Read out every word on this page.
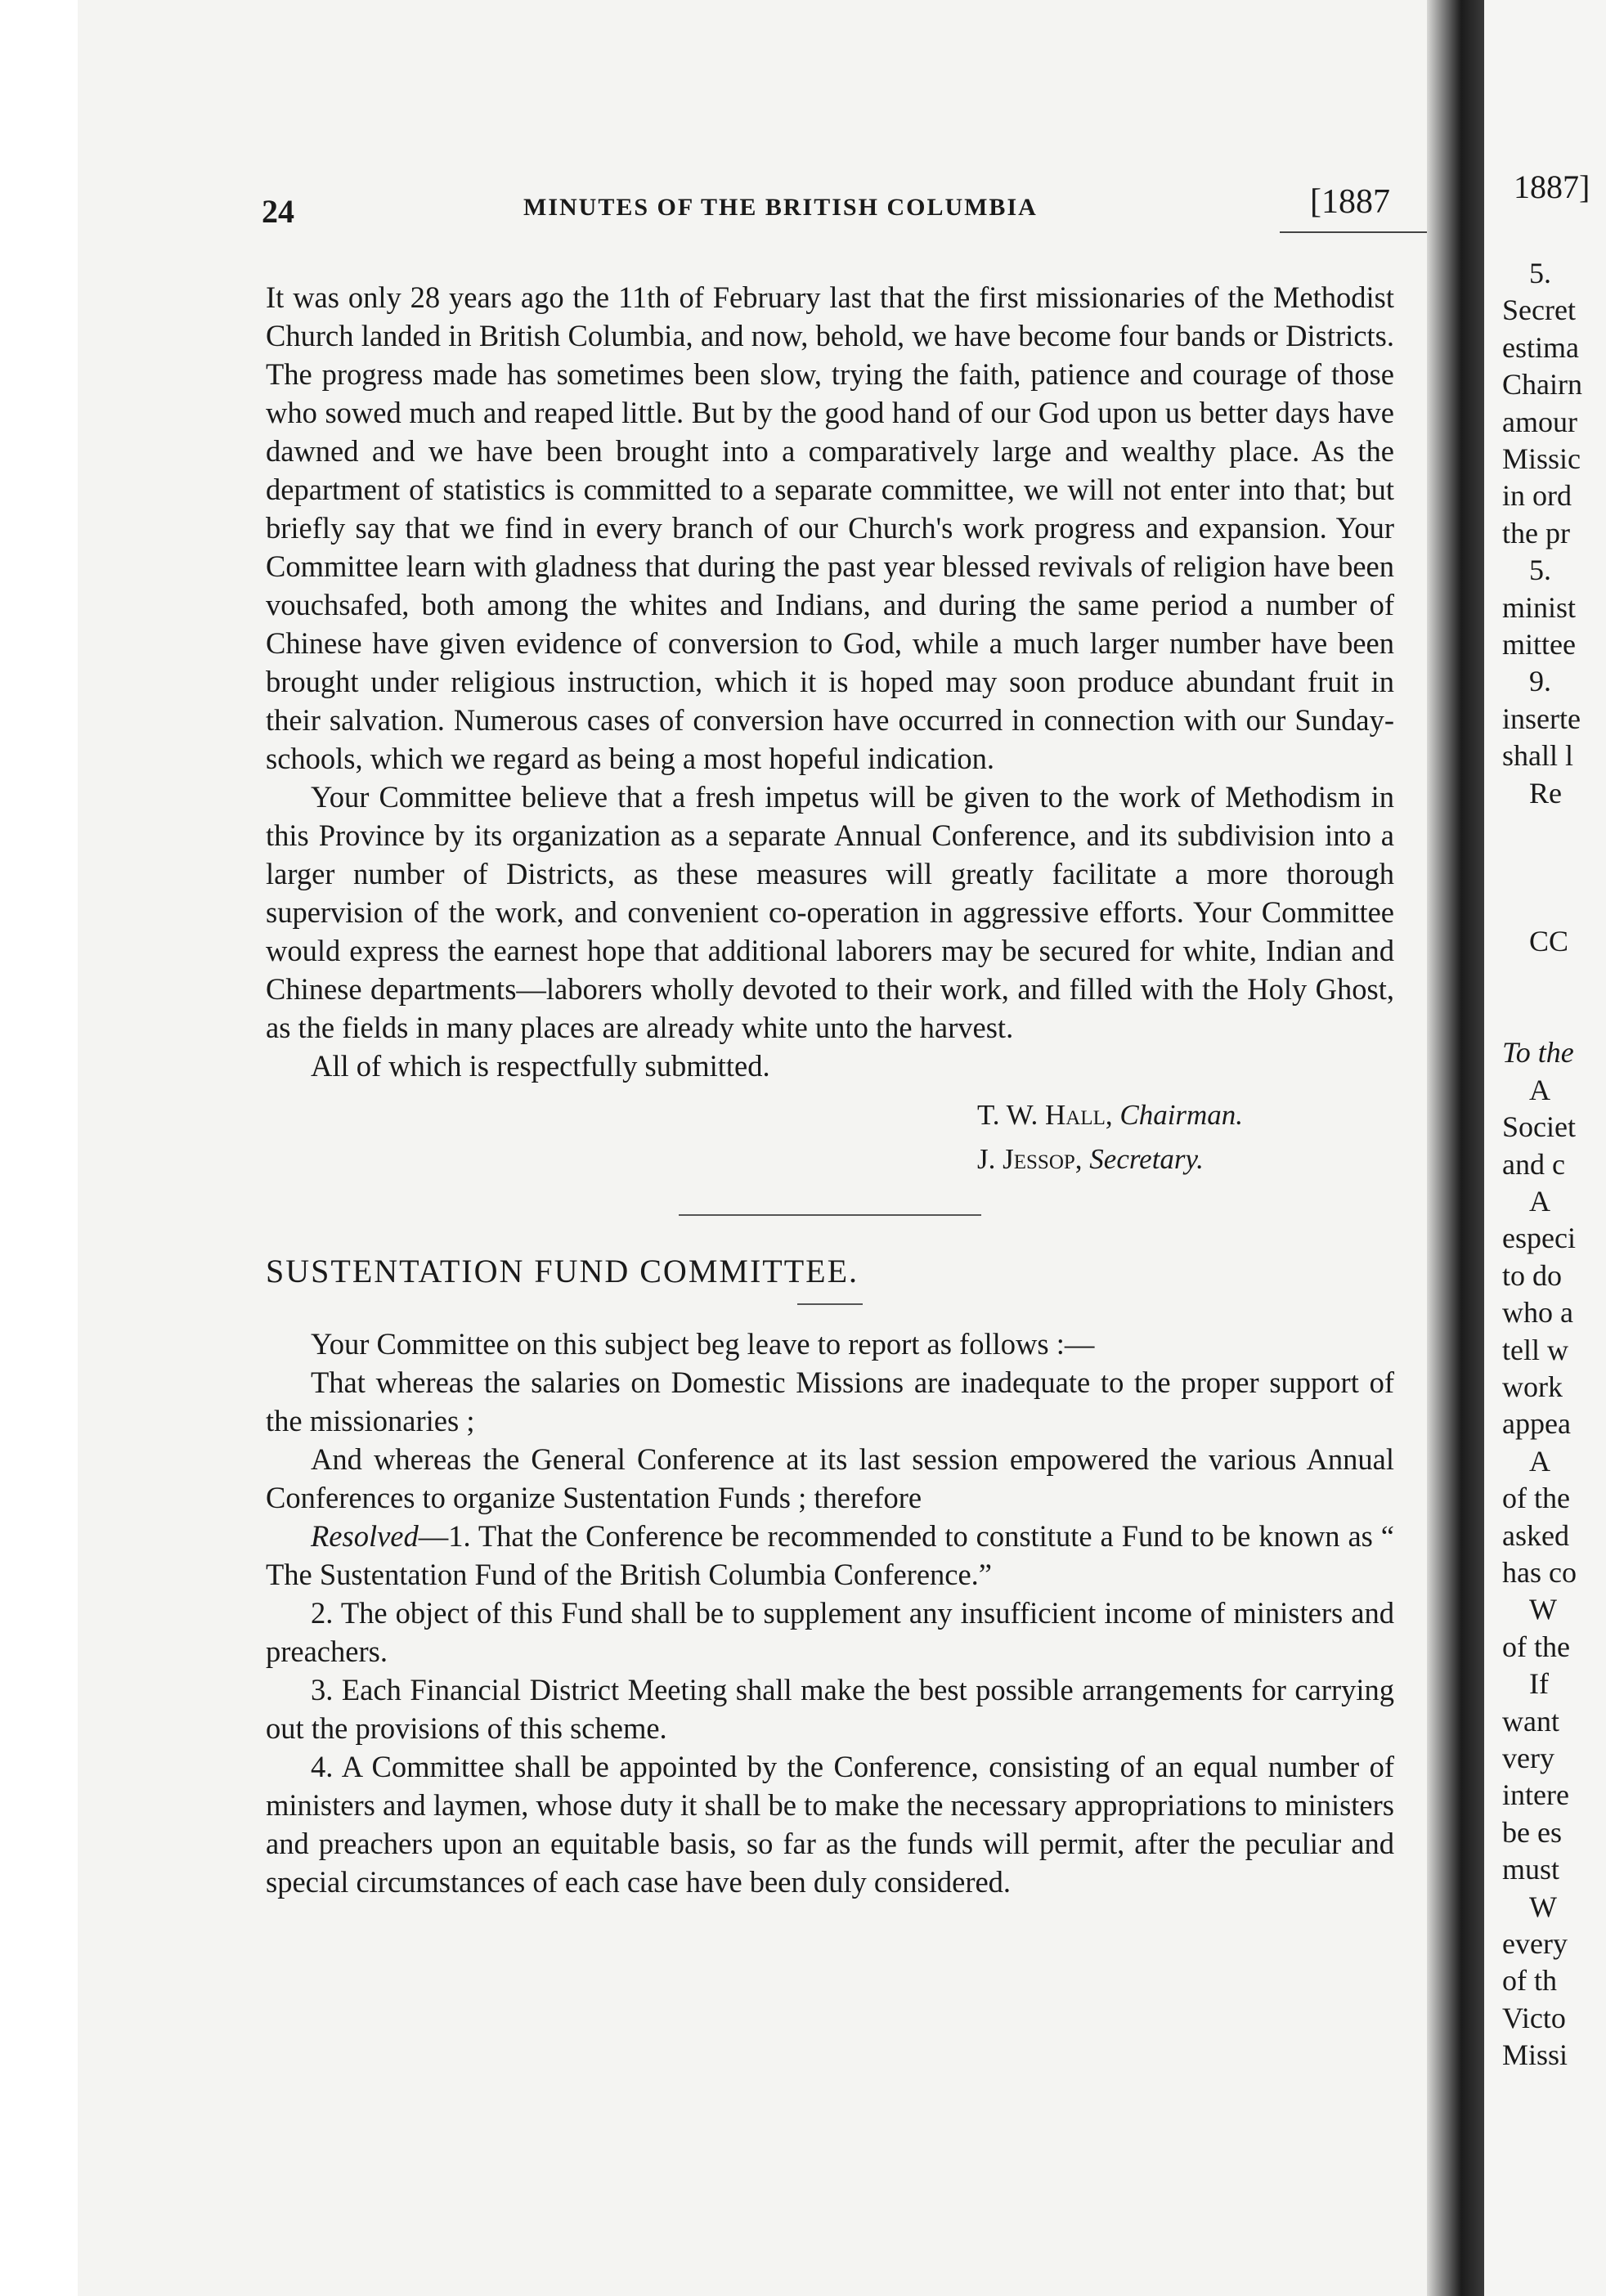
24	MINUTES OF THE BRITISH COLUMBIA	[1887

It was only 28 years ago the 11th of February last that the first missionaries of the Methodist Church landed in British Columbia, and now, behold, we have become four bands or Districts. The progress made has sometimes been slow, trying the faith, patience and courage of those who sowed much and reaped little. But by the good hand of our God upon us better days have dawned and we have been brought into a comparatively large and wealthy place. As the department of statistics is committed to a separate committee, we will not enter into that; but briefly say that we find in every branch of our Church's work progress and expansion. Your Committee learn with gladness that during the past year blessed revivals of religion have been vouchsafed, both among the whites and Indians, and during the same period a number of Chinese have given evidence of conversion to God, while a much larger number have been brought under religious instruction, which it is hoped may soon produce abundant fruit in their salvation. Numerous cases of conversion have occurred in connection with our Sunday-schools, which we regard as being a most hopeful indication.

Your Committee believe that a fresh impetus will be given to the work of Methodism in this Province by its organization as a separate Annual Conference, and its subdivision into a larger number of Districts, as these measures will greatly facilitate a more thorough supervision of the work, and convenient co-operation in aggressive efforts. Your Committee would express the earnest hope that additional laborers may be secured for white, Indian and Chinese departments—laborers wholly devoted to their work, and filled with the Holy Ghost, as the fields in many places are already white unto the harvest.

All of which is respectfully submitted.

T. W. Hall, Chairman.
J. Jessop, Secretary.

SUSTENTATION FUND COMMITTEE.

Your Committee on this subject beg leave to report as follows :—

That whereas the salaries on Domestic Missions are inadequate to the proper support of the missionaries ;

And whereas the General Conference at its last session empowered the various Annual Conferences to organize Sustentation Funds ; therefore

Resolved—1. That the Conference be recommended to constitute a Fund to be known as “ The Sustentation Fund of the British Columbia Conference.”

2. The object of this Fund shall be to supplement any insufficient income of ministers and preachers.

3. Each Financial District Meeting shall make the best possible arrangements for carrying out the provisions of this scheme.

4. A Committee shall be appointed by the Conference, consisting of an equal number of ministers and laymen, whose duty it shall be to make the necessary appropriations to ministers and preachers upon an equitable basis, so far as the funds will permit, after the peculiar and special circumstances of each case have been duly considered.

1887]
5.
Secret
estima
Chairn
amour
Missic
in ord
the pr
5.
minist
mittee
9.
inserte
shall l
Re
CC
To the
A
Societ
and c
A
especi
to do
who a
tell w
work
appea
A
of the
asked
has co
W
of the
If
want
very
intere
be es
must
W
every
of th
Victo
Missi
